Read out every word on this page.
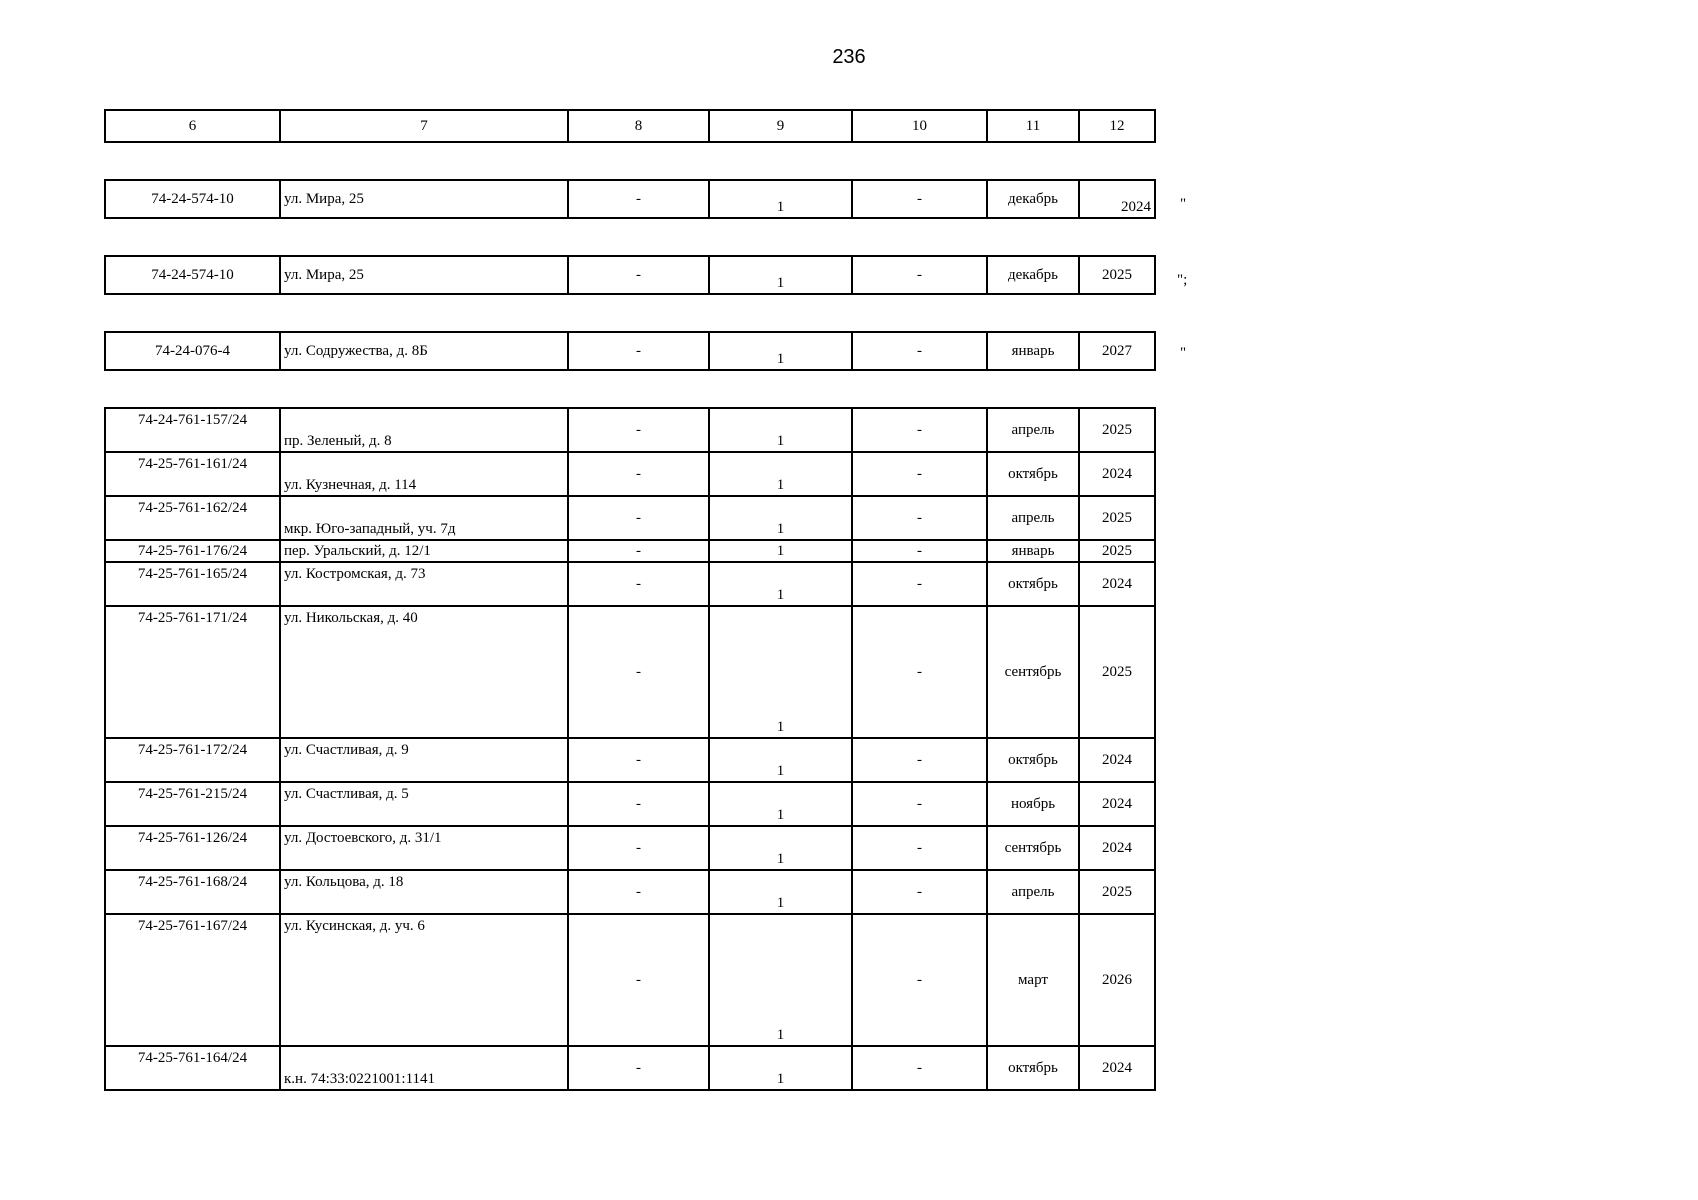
236
6	7	8	9	10	11	12
74-24-574-10	ул. Мира, 25	-	1	-	декабрь	2024 "
74-24-574-10	ул. Мира, 25	-	1	-	декабрь	2025	";
74-24-076-4	ул. Содружества, д. 8Б	-	1	-	январь	2027	"
74-24-761-157/24	пр. Зеленый, д. 8	-	1	-	апрель	2025
74-25-761-161/24	ул. Кузнечная, д. 114	-	1	-	октябрь	2024
74-25-761-162/24	мкр. Юго-западный, уч. 7д	-	1	-	апрель	2025
74-25-761-176/24	пер. Уральский, д. 12/1	-	1	-	январь	2025
74-25-761-165/24	ул. Костромская, д. 73	-	1	-	октябрь	2024
74-25-761-171/24	ул. Никольская, д. 40	-	1	-	сентябрь	2025
74-25-761-172/24	ул. Счастливая, д. 9	-	1	-	октябрь	2024
74-25-761-215/24	ул. Счастливая, д. 5	-	1	-	ноябрь	2024
74-25-761-126/24	ул. Достоевского, д. 31/1	-	1	-	сентябрь	2024
74-25-761-168/24	ул. Кольцова, д. 18	-	1	-	апрель	2025
74-25-761-167/24	ул. Кусинская, д. уч. 6	-	1	-	март	2026
74-25-761-164/24	к.н. 74:33:0221001:1141	-	1	-	октябрь	2024
